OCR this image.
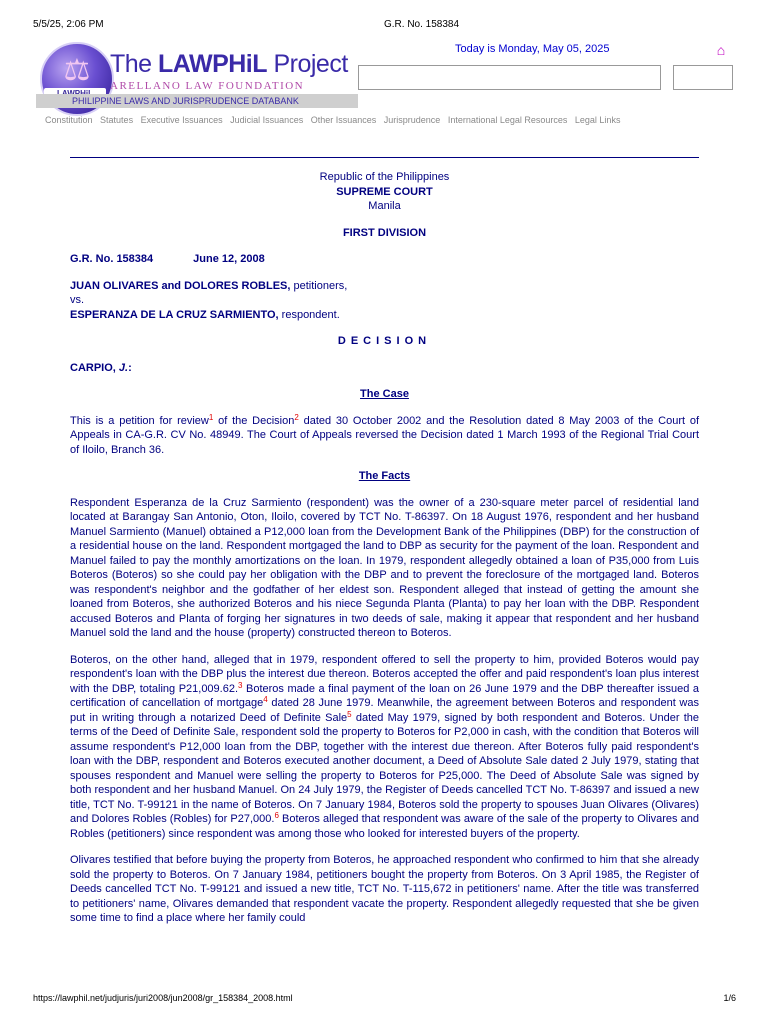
5/5/25, 2:06 PM	G.R. No. 158384
⚖ The LAWPHiL Project
ARELLANO LAW FOUNDATION
PHILIPPINE LAWS AND JURISPRUDENCE DATABANK
Today is Monday, May 05, 2025	⌂
Constitution Statutes Executive Issuances Judicial Issuances Other Issuances Jurisprudence International Legal Resources Legal Links

Republic of the Philippines

SUPREME COURT

Manila

FIRST DIVISION

G.R. No. 158384	June 12, 2008

JUAN OLIVARES and DOLORES ROBLES, petitioners,

vs.

ESPERANZA DE LA CRUZ SARMIENTO, respondent.

DECISION

CARPIO, J.:

The Case

This is a petition for review$^1$ of the Decision$^2$ dated 30 October 2002 and the Resolution dated 8 May 2003 of the Court of Appeals in CA-G.R. CV No. 48949. The Court of Appeals reversed the Decision dated 1 March 1993 of the Regional Trial Court of Iloilo, Branch 36.

The Facts

Respondent Esperanza de la Cruz Sarmiento (respondent) was the owner of a 230-square meter parcel of residential land located at Barangay San Antonio, Oton, Iloilo, covered by TCT No. T-86397. On 18 August 1976, respondent and her husband Manuel Sarmiento (Manuel) obtained a P12,000 loan from the Development Bank of the Philippines (DBP) for the construction of a residential house on the land. Respondent mortgaged the land to DBP as security for the payment of the loan. Respondent and Manuel failed to pay the monthly amortizations on the loan. In 1979, respondent allegedly obtained a loan of P35,000 from Luis Boteros (Boteros) so she could pay her obligation with the DBP and to prevent the foreclosure of the mortgaged land. Boteros was respondent's neighbor and the godfather of her eldest son. Respondent alleged that instead of getting the amount she loaned from Boteros, she authorized Boteros and his niece Segunda Planta (Planta) to pay her loan with the DBP. Respondent accused Boteros and Planta of forging her signatures in two deeds of sale, making it appear that respondent and her husband Manuel sold the land and the house (property) constructed thereon to Boteros.

Boteros, on the other hand, alleged that in 1979, respondent offered to sell the property to him, provided Boteros would pay respondent's loan with the DBP plus the interest due thereon. Boteros accepted the offer and paid respondent's loan plus interest with the DBP, totaling P21,009.62.$^3$ Boteros made a final payment of the loan on 26 June 1979 and the DBP thereafter issued a certification of cancellation of mortgage$^4$ dated 28 June 1979. Meanwhile, the agreement between Boteros and respondent was put in writing through a notarized Deed of Definite Sale$^5$ dated May 1979, signed by both respondent and Boteros. Under the terms of the Deed of Definite Sale, respondent sold the property to Boteros for P2,000 in cash, with the condition that Boteros will assume respondent's P12,000 loan from the DBP, together with the interest due thereon. After Boteros fully paid respondent's loan with the DBP, respondent and Boteros executed another document, a Deed of Absolute Sale dated 2 July 1979, stating that spouses respondent and Manuel were selling the property to Boteros for P25,000. The Deed of Absolute Sale was signed by both respondent and her husband Manuel. On 24 July 1979, the Register of Deeds cancelled TCT No. T-86397 and issued a new title, TCT No. T-99121 in the name of Boteros. On 7 January 1984, Boteros sold the property to spouses Juan Olivares (Olivares) and Dolores Robles (Robles) for P27,000.$^6$ Boteros alleged that respondent was aware of the sale of the property to Olivares and Robles (petitioners) since respondent was among those who looked for interested buyers of the property.

Olivares testified that before buying the property from Boteros, he approached respondent who confirmed to him that she already sold the property to Boteros. On 7 January 1984, petitioners bought the property from Boteros. On 3 April 1985, the Register of Deeds cancelled TCT No. T-99121 and issued a new title, TCT No. T-115,672 in petitioners' name. After the title was transferred to petitioners' name, Olivares demanded that respondent vacate the property. Respondent allegedly requested that she be given some time to find a place where her family could

https://lawphil.net/judjuris/juri2008/jun2008/gr_158384_2008.html	1/6
